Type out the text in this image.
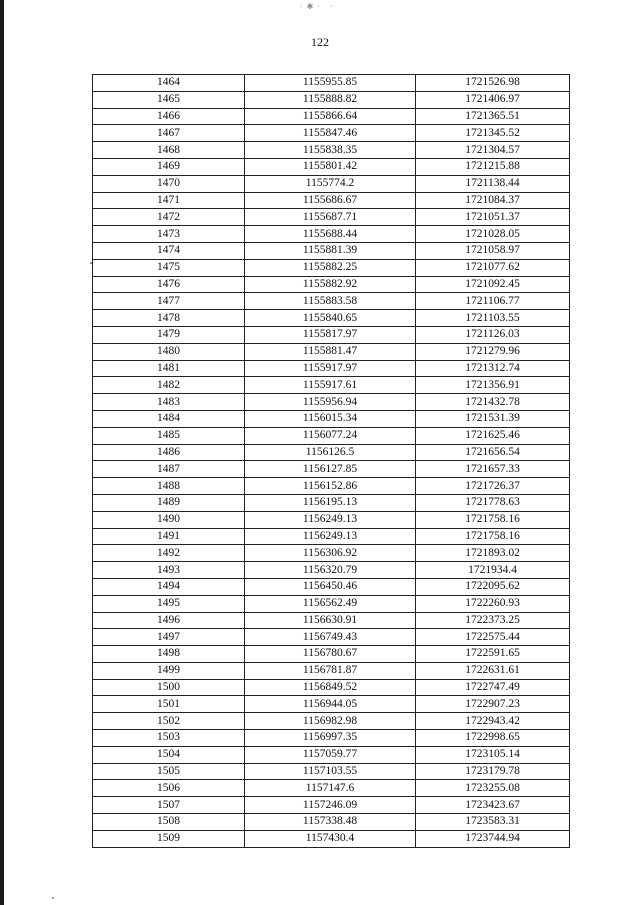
·✱· ·
122
1464	1155955.85	1721526.98
1465	1155888.82	1721406.97
1466	1155866.64	1721365.51
1467	1155847.46	1721345.52
1468	1155838.35	1721304.57
1469	1155801.42	1721215.88
1470	1155774.2	1721138.44
1471	1155686.67	1721084.37
1472	1155687.71	1721051.37
1473	1155688.44	1721028.05
1474	1155881.39	1721058.97
1475	1155882.25	1721077.62
1476	1155882.92	1721092.45
1477	1155883.58	1721106.77
1478	1155840.65	1721103.55
1479	1155817.97	1721126.03
1480	1155881.47	1721279.96
1481	1155917.97	1721312.74
1482	1155917.61	1721356.91
1483	1155956.94	1721432.78
1484	1156015.34	1721531.39
1485	1156077.24	1721625.46
1486	1156126.5	1721656.54
1487	1156127.85	1721657.33
1488	1156152.86	1721726.37
1489	1156195.13	1721778.63
1490	1156249.13	1721758.16
1491	1156249.13	1721758.16
1492	1156306.92	1721893.02
1493	1156320.79	1721934.4
1494	1156450.46	1722095.62
1495	1156562.49	1722260.93
1496	1156630.91	1722373.25
1497	1156749.43	1722575.44
1498	1156780.67	1722591.65
1499	1156781.87	1722631.61
1500	1156849.52	1722747.49
1501	1156944.05	1722907.23
1502	1156982.98	1722943.42
1503	1156997.35	1722998.65
1504	1157059.77	1723105.14
1505	1157103.55	1723179.78
1506	1157147.6	1723255.08
1507	1157246.09	1723423.67
1508	1157338.48	1723583.31
1509	1157430.4	1723744.94
